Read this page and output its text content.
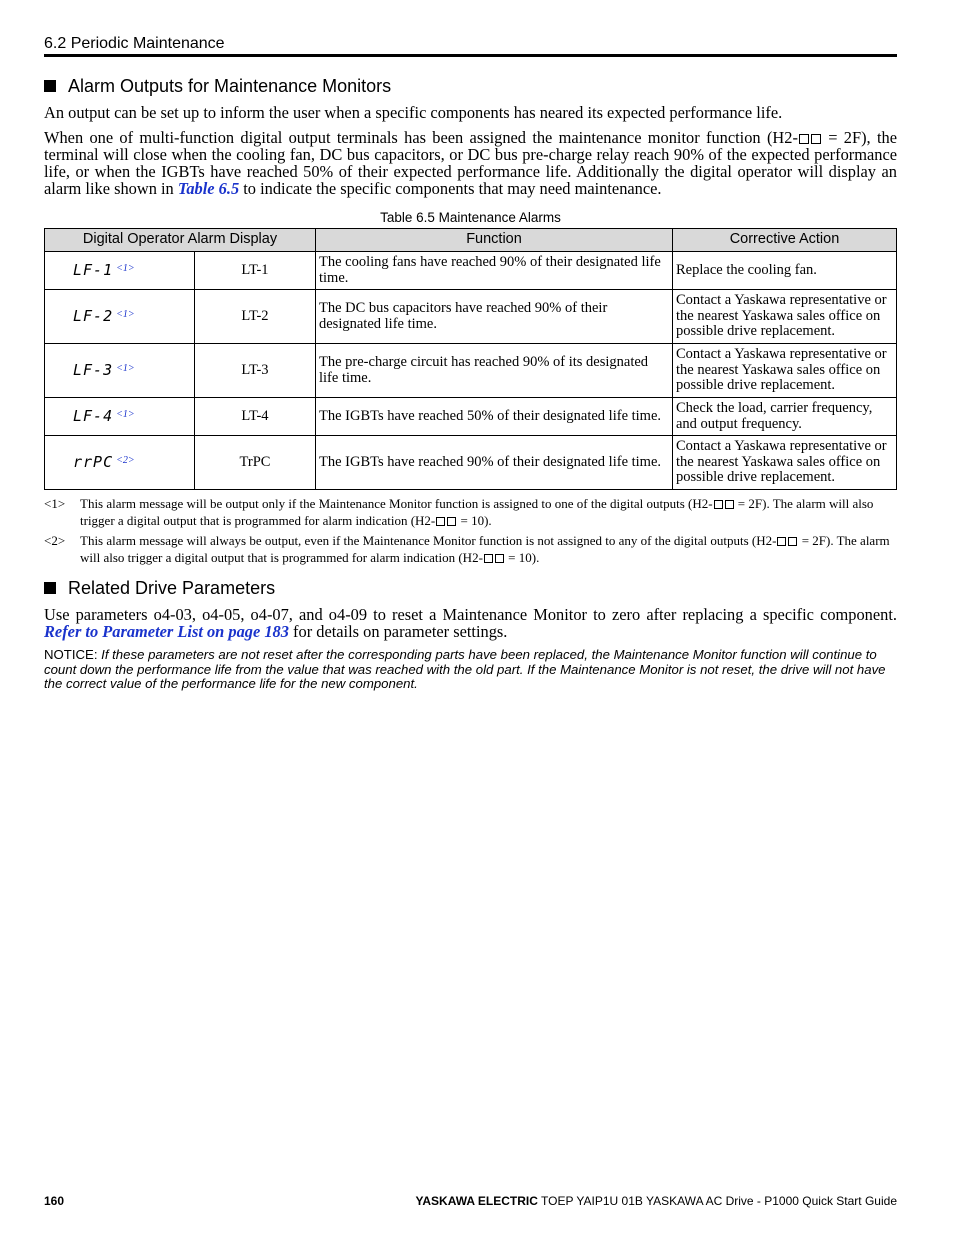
6.2 Periodic Maintenance
Alarm Outputs for Maintenance Monitors
An output can be set up to inform the user when a specific components has neared its expected performance life.
When one of multi-function digital output terminals has been assigned the maintenance monitor function (H2- = 2F), the terminal will close when the cooling fan, DC bus capacitors, or DC bus pre-charge relay reach 90% of the expected performance life, or when the IGBTs have reached 50% of their expected performance life. Additionally the digital operator will display an alarm like shown in Table 6.5 to indicate the specific components that may need maintenance.
Table 6.5 Maintenance Alarms
Digital Operator Alarm Display		Function	Corrective Action
LF-1 $^{<1>}$	LT-1	The cooling fans have reached 90% of their designated life time.	Replace the cooling fan.
LF-2 $^{<1>}$	LT-2	The DC bus capacitors have reached 90% of their designated life time.	Contact a Yaskawa representative or the nearest Yaskawa sales office on possible drive replacement.
LF-3 $^{<1>}$	LT-3	The pre-charge circuit has reached 90% of its designated life time.	Contact a Yaskawa representative or the nearest Yaskawa sales office on possible drive replacement.
LF-4 $^{<1>}$	LT-4	The IGBTs have reached 50% of their designated life time.	Check the load, carrier frequency, and output frequency.
rrPC $^{<2>}$	TrPC	The IGBTs have reached 90% of their designated life time.	Contact a Yaskawa representative or the nearest Yaskawa sales office on possible drive replacement.
<1> This alarm message will be output only if the Maintenance Monitor function is assigned to one of the digital outputs (H2- = 2F). The alarm will also trigger a digital output that is programmed for alarm indication (H2- = 10).
<2> This alarm message will always be output, even if the Maintenance Monitor function is not assigned to any of the digital outputs (H2- = 2F). The alarm will also trigger a digital output that is programmed for alarm indication (H2- = 10).
Related Drive Parameters
Use parameters o4-03, o4-05, o4-07, and o4-09 to reset a Maintenance Monitor to zero after replacing a specific component. Refer to Parameter List on page 183 for details on parameter settings.
NOTICE: If these parameters are not reset after the corresponding parts have been replaced, the Maintenance Monitor function will continue to count down the performance life from the value that was reached with the old part. If the Maintenance Monitor is not reset, the drive will not have the correct value of the performance life for the new component.
160	YASKAWA ELECTRIC TOEP YAIP1U 01B YASKAWA AC Drive - P1000 Quick Start Guide
